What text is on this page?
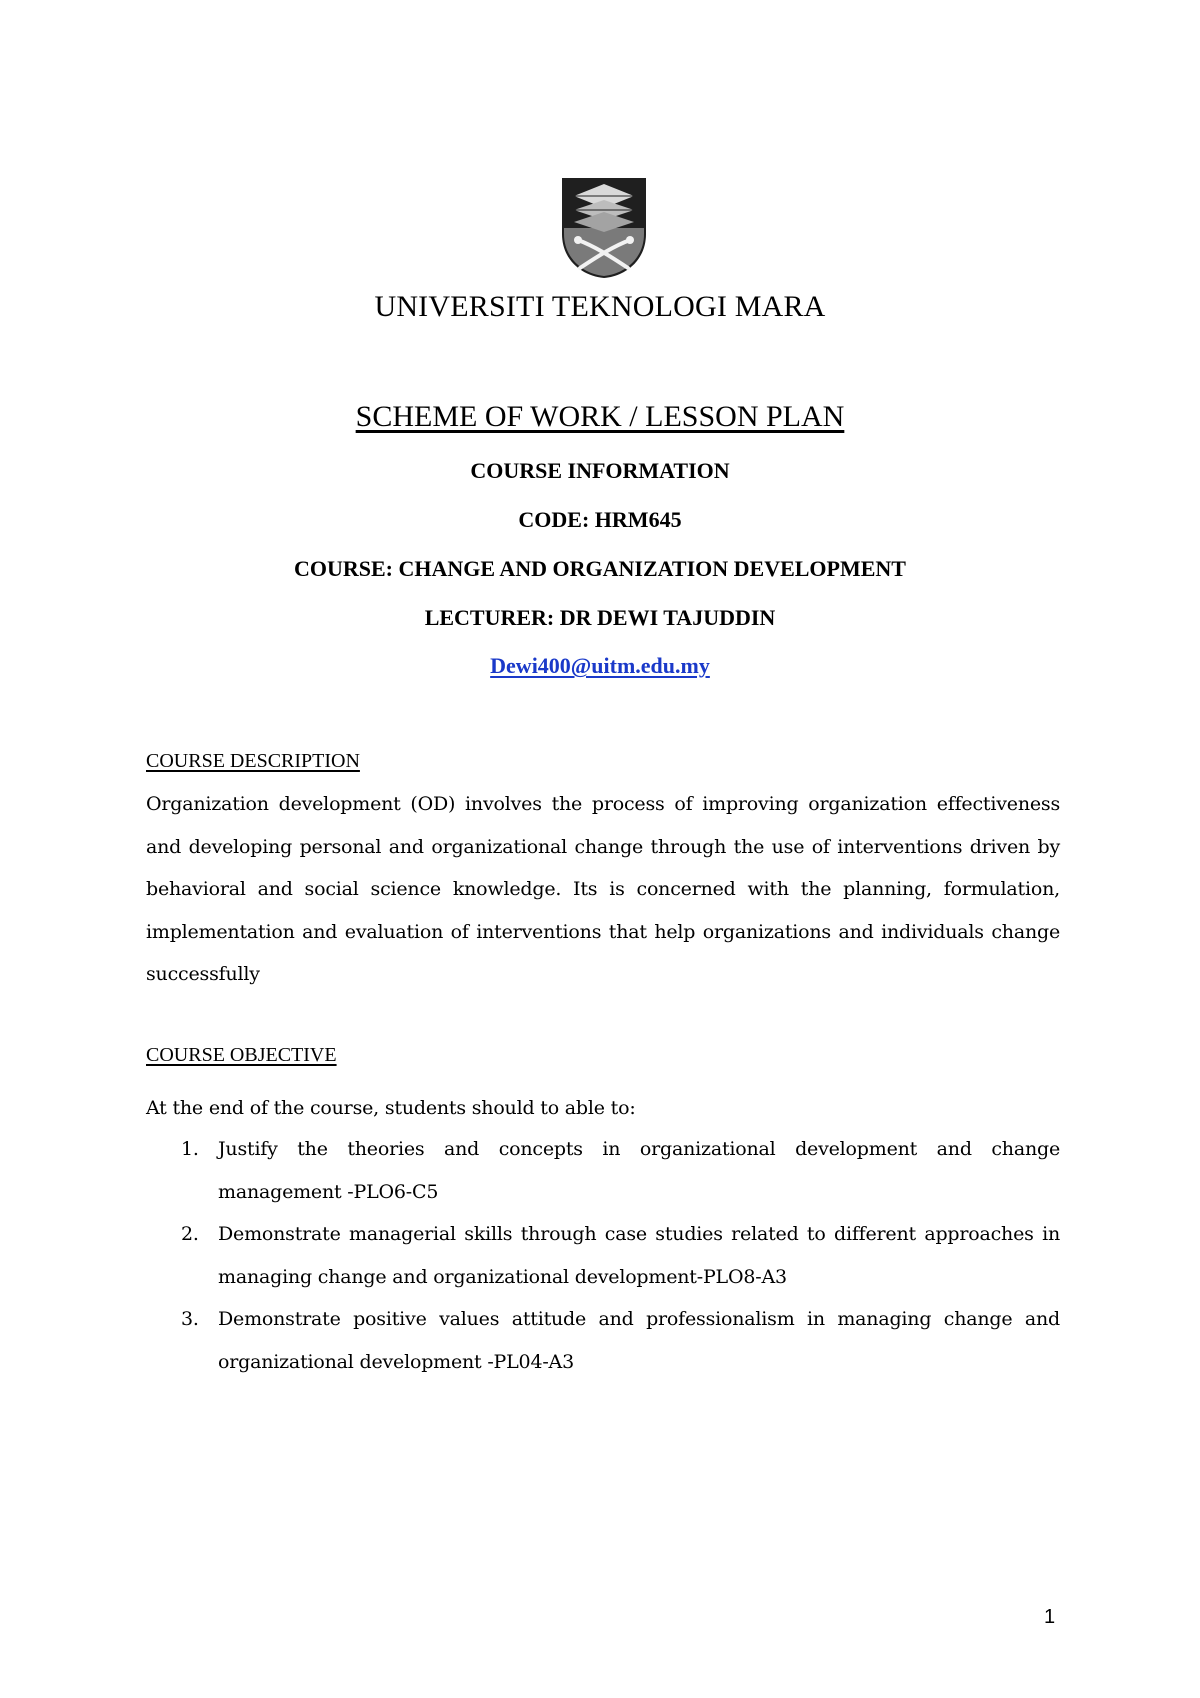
UNIVERSITI TEKNOLOGI MARA
SCHEME OF WORK / LESSON PLAN
COURSE INFORMATION
CODE: HRM645
COURSE: CHANGE AND ORGANIZATION DEVELOPMENT
LECTURER: DR DEWI TAJUDDIN
Dewi400@uitm.edu.my
COURSE DESCRIPTION
Organization development (OD) involves the process of improving organization effectiveness and developing personal and organizational change through the use of interventions driven by behavioral and social science knowledge. Its is concerned with the planning, formulation, implementation and evaluation of interventions that help organizations and individuals change successfully
COURSE OBJECTIVE
At the end of the course, students should to able to:
1. Justify the theories and concepts in organizational development and change management -PLO6-C5
2. Demonstrate managerial skills through case studies related to different approaches in managing change and organizational development-PLO8-A3
3. Demonstrate positive values attitude and professionalism in managing change and organizational development -PL04-A3
1
